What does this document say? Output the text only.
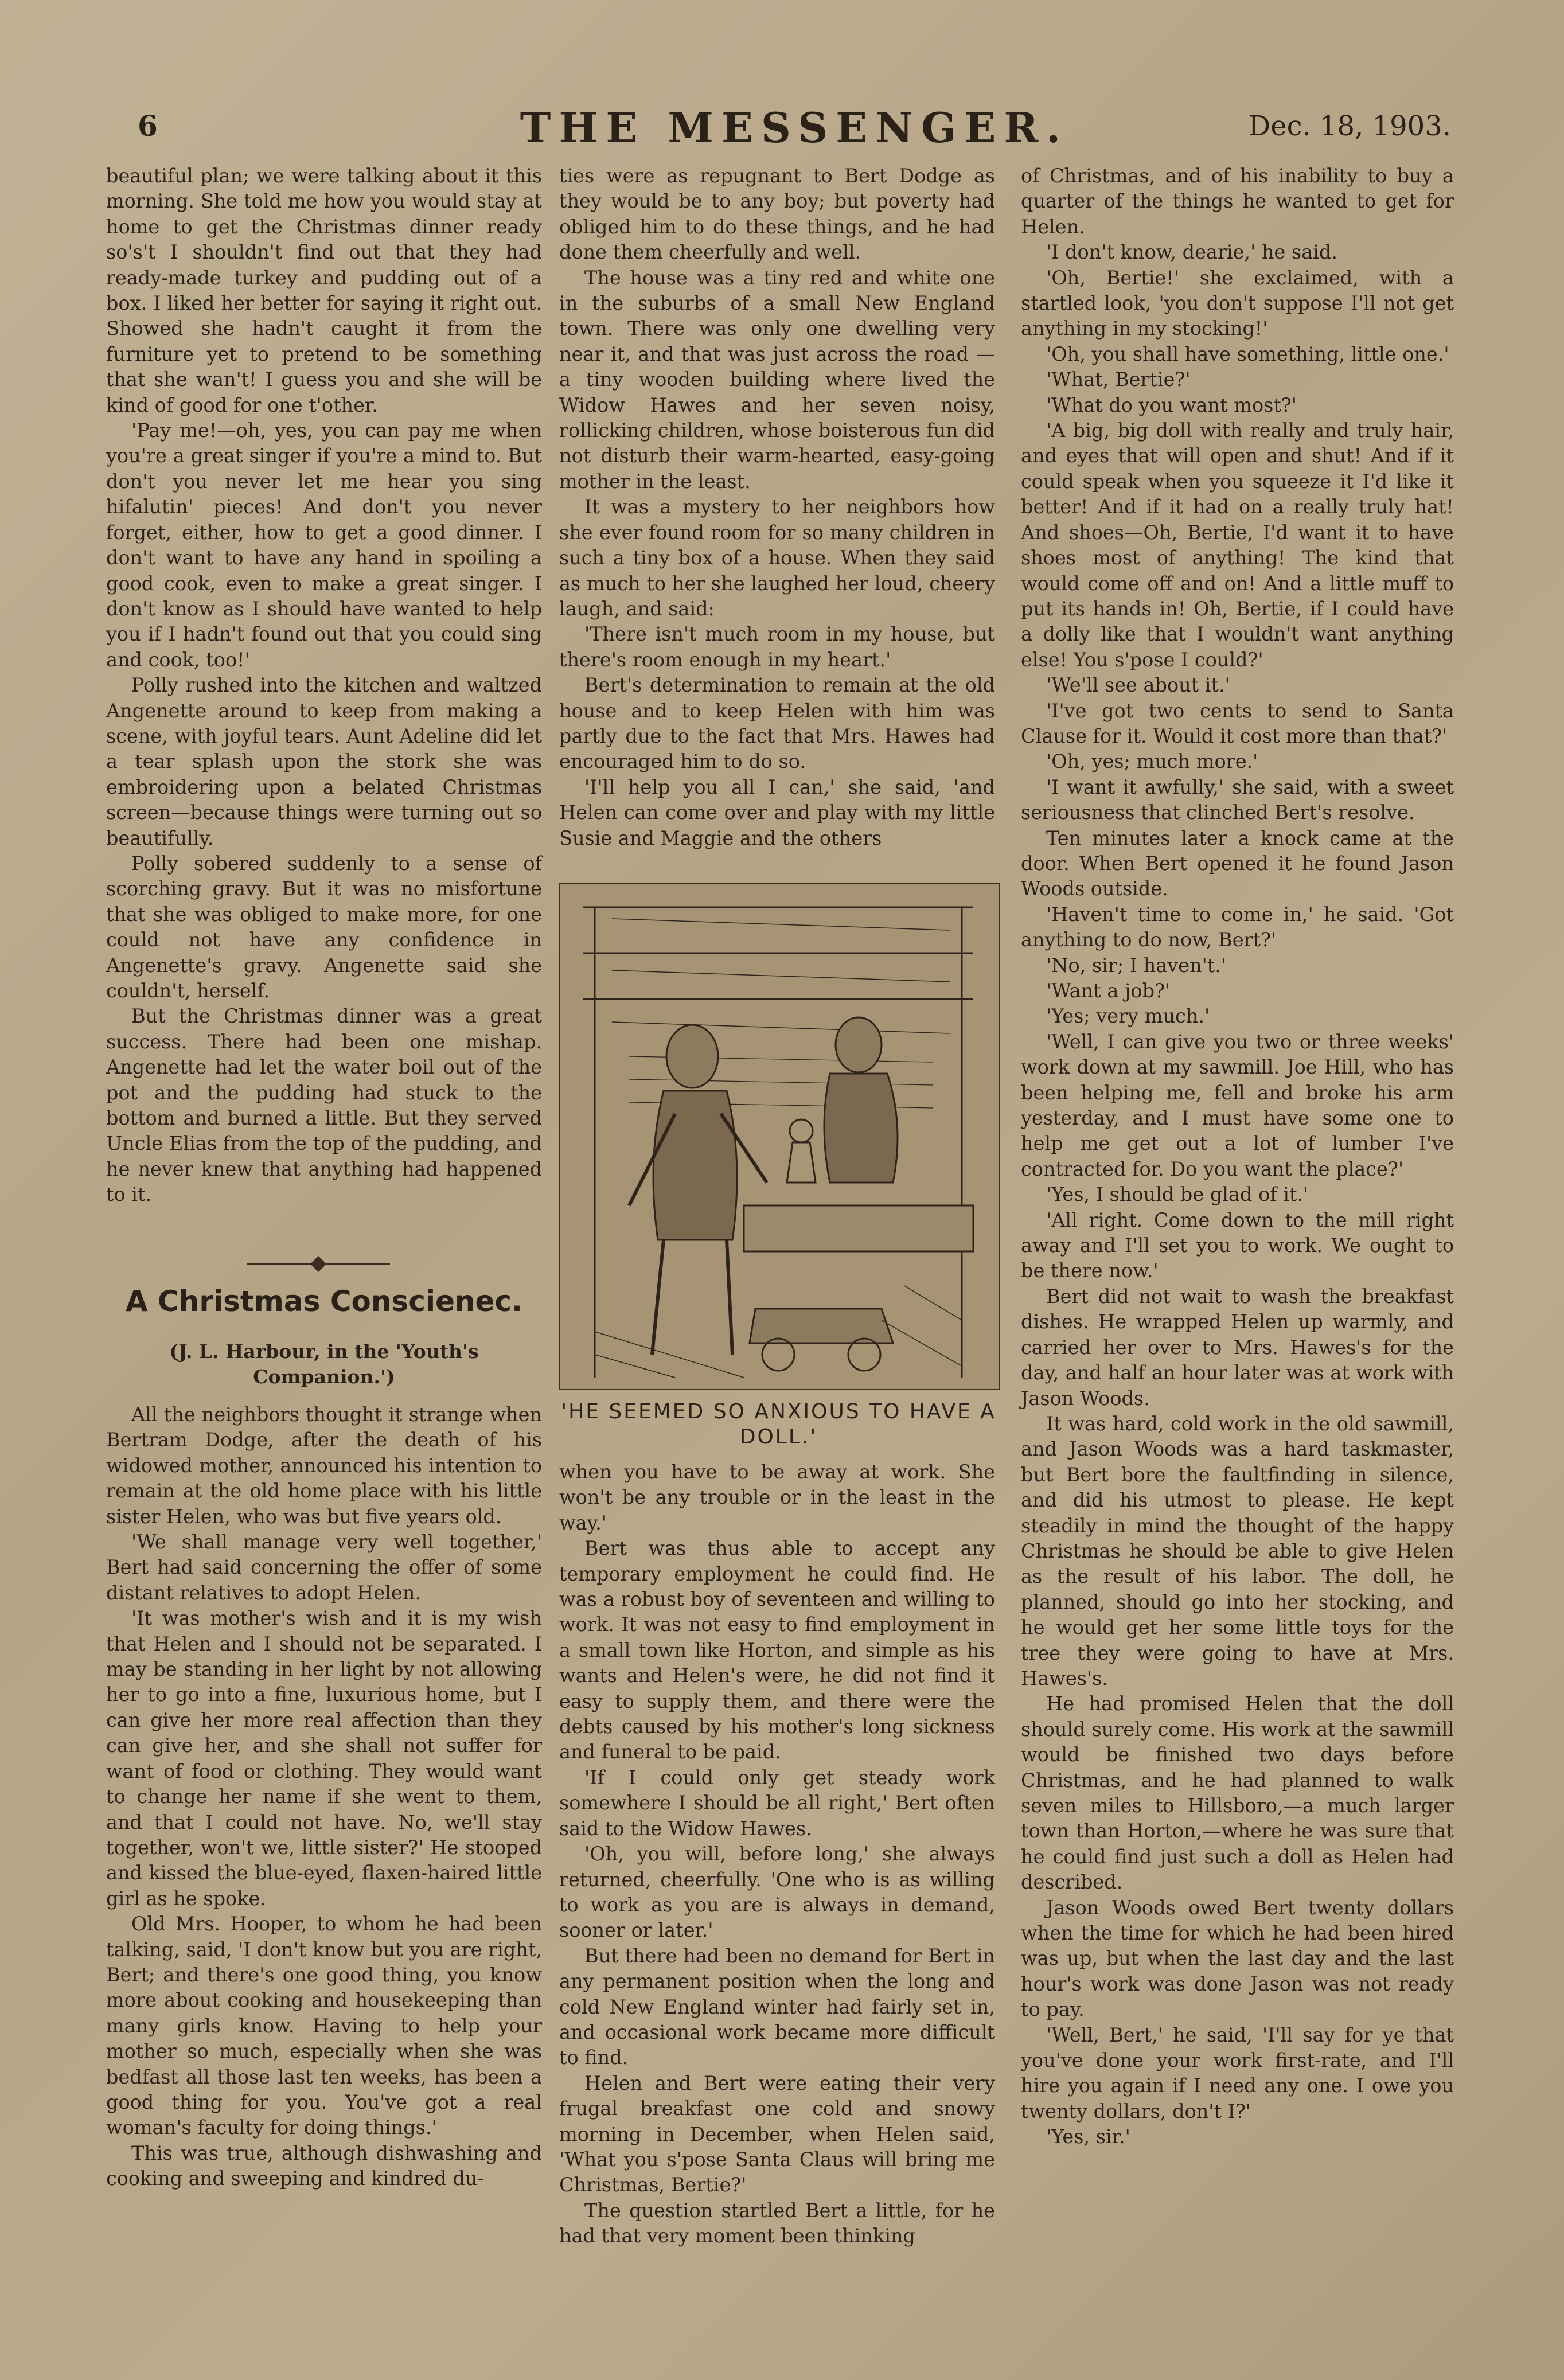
6	THE MESSENGER.	Dec. 18, 1903.

beautiful plan; we were talking about it this morning. She told me how you would stay at home to get the Christmas dinner ready so's't I shouldn't find out that they had ready-made turkey and pudding out of a box. I liked her better for saying it right out. Showed she hadn't caught it from the furniture yet to pretend to be something that she wan't! I guess you and she will be kind of good for one t'other.

'Pay me!—oh, yes, you can pay me when you're a great singer if you're a mind to. But don't you never let me hear you sing hifalutin' pieces! And don't you never forget, either, how to get a good dinner. I don't want to have any hand in spoiling a good cook, even to make a great singer. I don't know as I should have wanted to help you if I hadn't found out that you could sing and cook, too!'

Polly rushed into the kitchen and waltzed Angenette around to keep from making a scene, with joyful tears. Aunt Adeline did let a tear splash upon the stork she was embroidering upon a belated Christmas screen—because things were turning out so beautifully.

Polly sobered suddenly to a sense of scorching gravy. But it was no misfortune that she was obliged to make more, for one could not have any confidence in Angenette's gravy. Angenette said she couldn't, herself.

But the Christmas dinner was a great success. There had been one mishap. Angenette had let the water boil out of the pot and the pudding had stuck to the bottom and burned a little. But they served Uncle Elias from the top of the pudding, and he never knew that anything had happened to it.

A Christmas Conscienec.
(J. L. Harbour, in the 'Youth's Companion.')

All the neighbors thought it strange when Bertram Dodge, after the death of his widowed mother, announced his intention to remain at the old home place with his little sister Helen, who was but five years old.

'We shall manage very well together,' Bert had said concerning the offer of some distant relatives to adopt Helen.

'It was mother's wish and it is my wish that Helen and I should not be separated. I may be standing in her light by not allowing her to go into a fine, luxurious home, but I can give her more real affection than they can give her, and she shall not suffer for want of food or clothing. They would want to change her name if she went to them, and that I could not have. No, we'll stay together, won't we, little sister?' He stooped and kissed the blue-eyed, flaxen-haired little girl as he spoke.

Old Mrs. Hooper, to whom he had been talking, said, 'I don't know but you are right, Bert; and there's one good thing, you know more about cooking and housekeeping than many girls know. Having to help your mother so much, especially when she was bedfast all those last ten weeks, has been a good thing for you. You've got a real woman's faculty for doing things.'

This was true, although dishwashing and cooking and sweeping and kindred du-

ties were as repugnant to Bert Dodge as they would be to any boy; but poverty had obliged him to do these things, and he had done them cheerfully and well.

The house was a tiny red and white one in the suburbs of a small New England town. There was only one dwelling very near it, and that was just across the road —a tiny wooden building where lived the Widow Hawes and her seven noisy, rollicking children, whose boisterous fun did not disturb their warm-hearted, easy-going mother in the least.

It was a mystery to her neighbors how she ever found room for so many children in such a tiny box of a house. When they said as much to her she laughed her loud, cheery laugh, and said:

'There isn't much room in my house, but there's room enough in my heart.'

Bert's determination to remain at the old house and to keep Helen with him was partly due to the fact that Mrs. Hawes had encouraged him to do so.

'I'll help you all I can,' she said, 'and Helen can come over and play with my little Susie and Maggie and the others

'HE SEEMED SO ANXIOUS TO HAVE A DOLL.'

when you have to be away at work. She won't be any trouble or in the least in the way.'

Bert was thus able to accept any temporary employment he could find. He was a robust boy of seventeen and willing to work. It was not easy to find employment in a small town like Horton, and simple as his wants and Helen's were, he did not find it easy to supply them, and there were the debts caused by his mother's long sickness and funeral to be paid.

'If I could only get steady work somewhere I should be all right,' Bert often said to the Widow Hawes.

'Oh, you will, before long,' she always returned, cheerfully. 'One who is as willing to work as you are is always in demand, sooner or later.'

But there had been no demand for Bert in any permanent position when the long and cold New England winter had fairly set in, and occasional work became more difficult to find.

Helen and Bert were eating their very frugal breakfast one cold and snowy morning in December, when Helen said, 'What you s'pose Santa Claus will bring me Christmas, Bertie?'

The question startled Bert a little, for he had that very moment been thinking

of Christmas, and of his inability to buy a quarter of the things he wanted to get for Helen.

'I don't know, dearie,' he said.

'Oh, Bertie!' she exclaimed, with a startled look, 'you don't suppose I'll not get anything in my stocking!'

'Oh, you shall have something, little one.'

'What, Bertie?'

'What do you want most?'

'A big, big doll with really and truly hair, and eyes that will open and shut! And if it could speak when you squeeze it I'd like it better! And if it had on a really truly hat! And shoes—Oh, Bertie, I'd want it to have shoes most of anything! The kind that would come off and on! And a little muff to put its hands in! Oh, Bertie, if I could have a dolly like that I wouldn't want anything else! You s'pose I could?'

'We'll see about it.'

'I've got two cents to send to Santa Clause for it. Would it cost more than that?'

'Oh, yes; much more.'

'I want it awfully,' she said, with a sweet seriousness that clinched Bert's resolve.

Ten minutes later a knock came at the door. When Bert opened it he found Jason Woods outside.

'Haven't time to come in,' he said. 'Got anything to do now, Bert?'

'No, sir; I haven't.'

'Want a job?'

'Yes; very much.'

'Well, I can give you two or three weeks' work down at my sawmill. Joe Hill, who has been helping me, fell and broke his arm yesterday, and I must have some one to help me get out a lot of lumber I've contracted for. Do you want the place?'

'Yes, I should be glad of it.'

'All right. Come down to the mill right away and I'll set you to work. We ought to be there now.'

Bert did not wait to wash the breakfast dishes. He wrapped Helen up warmly, and carried her over to Mrs. Hawes's for the day, and half an hour later was at work with Jason Woods.

It was hard, cold work in the old sawmill, and Jason Woods was a hard taskmaster, but Bert bore the faultfinding in silence, and did his utmost to please. He kept steadily in mind the thought of the happy Christmas he should be able to give Helen as the result of his labor. The doll, he planned, should go into her stocking, and he would get her some little toys for the tree they were going to have at Mrs. Hawes's.

He had promised Helen that the doll should surely come. His work at the sawmill would be finished two days before Christmas, and he had planned to walk seven miles to Hillsboro,—a much larger town than Horton,—where he was sure that he could find just such a doll as Helen had described.

Jason Woods owed Bert twenty dollars when the time for which he had been hired was up, but when the last day and the last hour's work was done Jason was not ready to pay.

'Well, Bert,' he said, 'I'll say for ye that you've done your work first-rate, and I'll hire you again if I need any one. I owe you twenty dollars, don't I?'

'Yes, sir.'
